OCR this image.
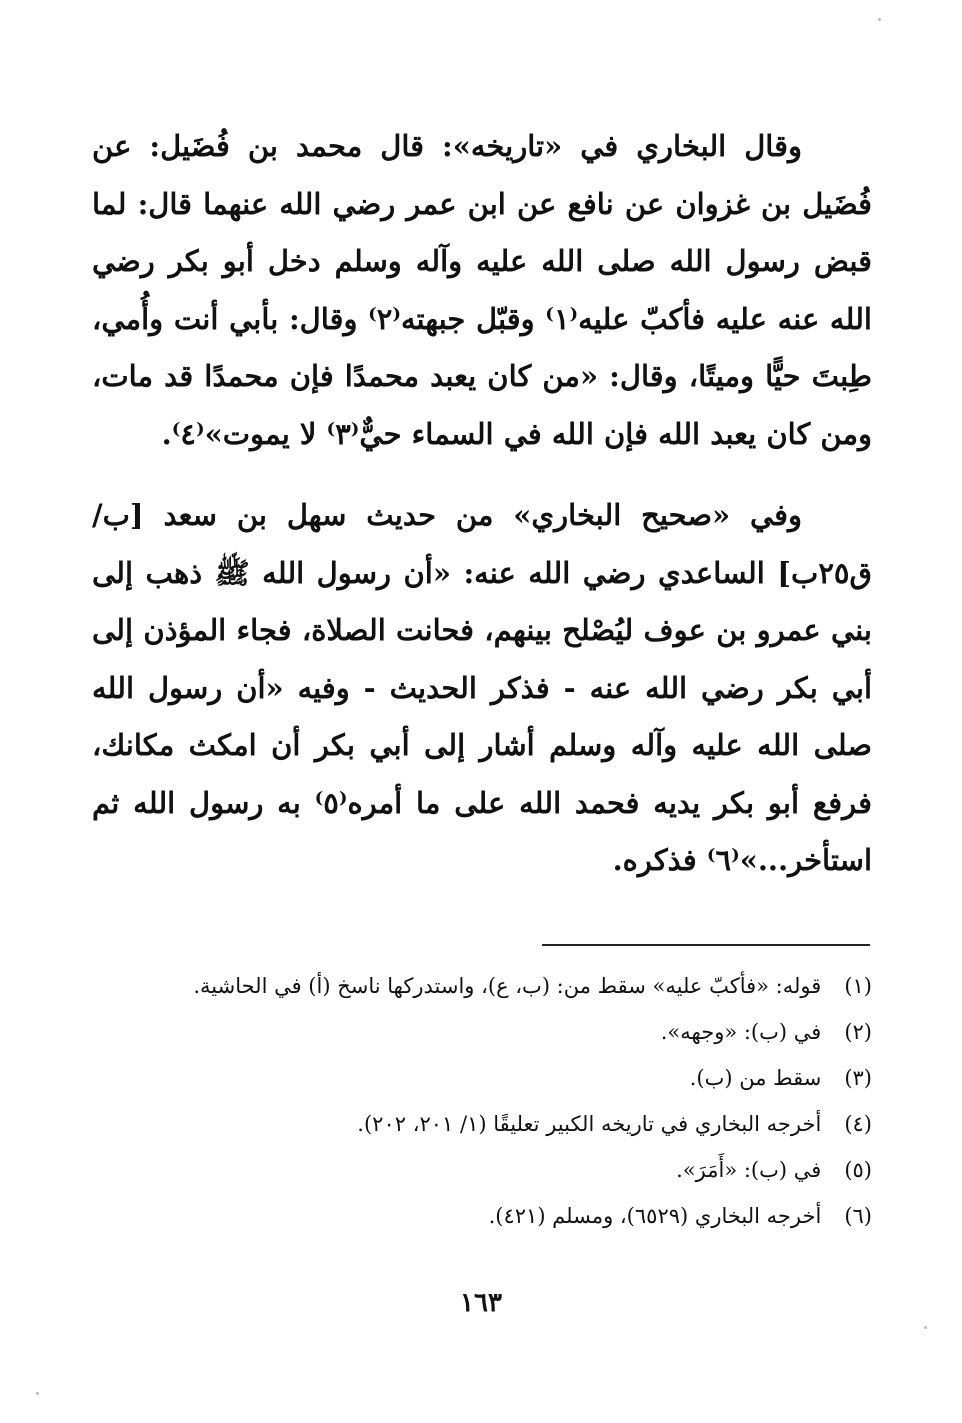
وقال البخاري في «تاريخه»: قال محمد بن فُضَيل: عن فُضَيل بن غزوان عن نافع عن ابن عمر رضي الله عنهما قال: لما قبض رسول الله صلى الله عليه وآله وسلم دخل أبو بكر رضي الله عنه عليه فأكبّ عليه⁽١⁾ وقبّل جبهته⁽٢⁾ وقال: بأبي أنت وأُمي، طِبتَ حيًّا وميتًا، وقال: «من كان يعبد محمدًا فإن محمدًا قد مات، ومن كان يعبد الله فإن الله في السماء حيٌّ⁽٣⁾ لا يموت»⁽٤⁾.

وفي «صحيح البخاري» من حديث سهل بن سعد [ب/ق٢٥ب] الساعدي رضي الله عنه: «أن رسول الله ﷺ ذهب إلى بني عمرو بن عوف ليُصْلح بينهم، فحانت الصلاة، فجاء المؤذن إلى أبي بكر رضي الله عنه - فذكر الحديث - وفيه «أن رسول الله صلى الله عليه وآله وسلم أشار إلى أبي بكر أن امكث مكانك، فرفع أبو بكر يديه فحمد الله على ما أمره⁽٥⁾ به رسول الله ثم استأخر...»⁽٦⁾ فذكره.

(١) قوله: «فأكبّ عليه» سقط من: (ب، ع)، واستدركها ناسخ (أ) في الحاشية.
(٢) في (ب): «وجهه».
(٣) سقط من (ب).
(٤) أخرجه البخاري في تاريخه الكبير تعليقًا (١/ ٢٠١، ٢٠٢).
(٥) في (ب): «أَمَرَ».
(٦) أخرجه البخاري (٦٥٢٩)، ومسلم (٤٢١).
١٦٣
